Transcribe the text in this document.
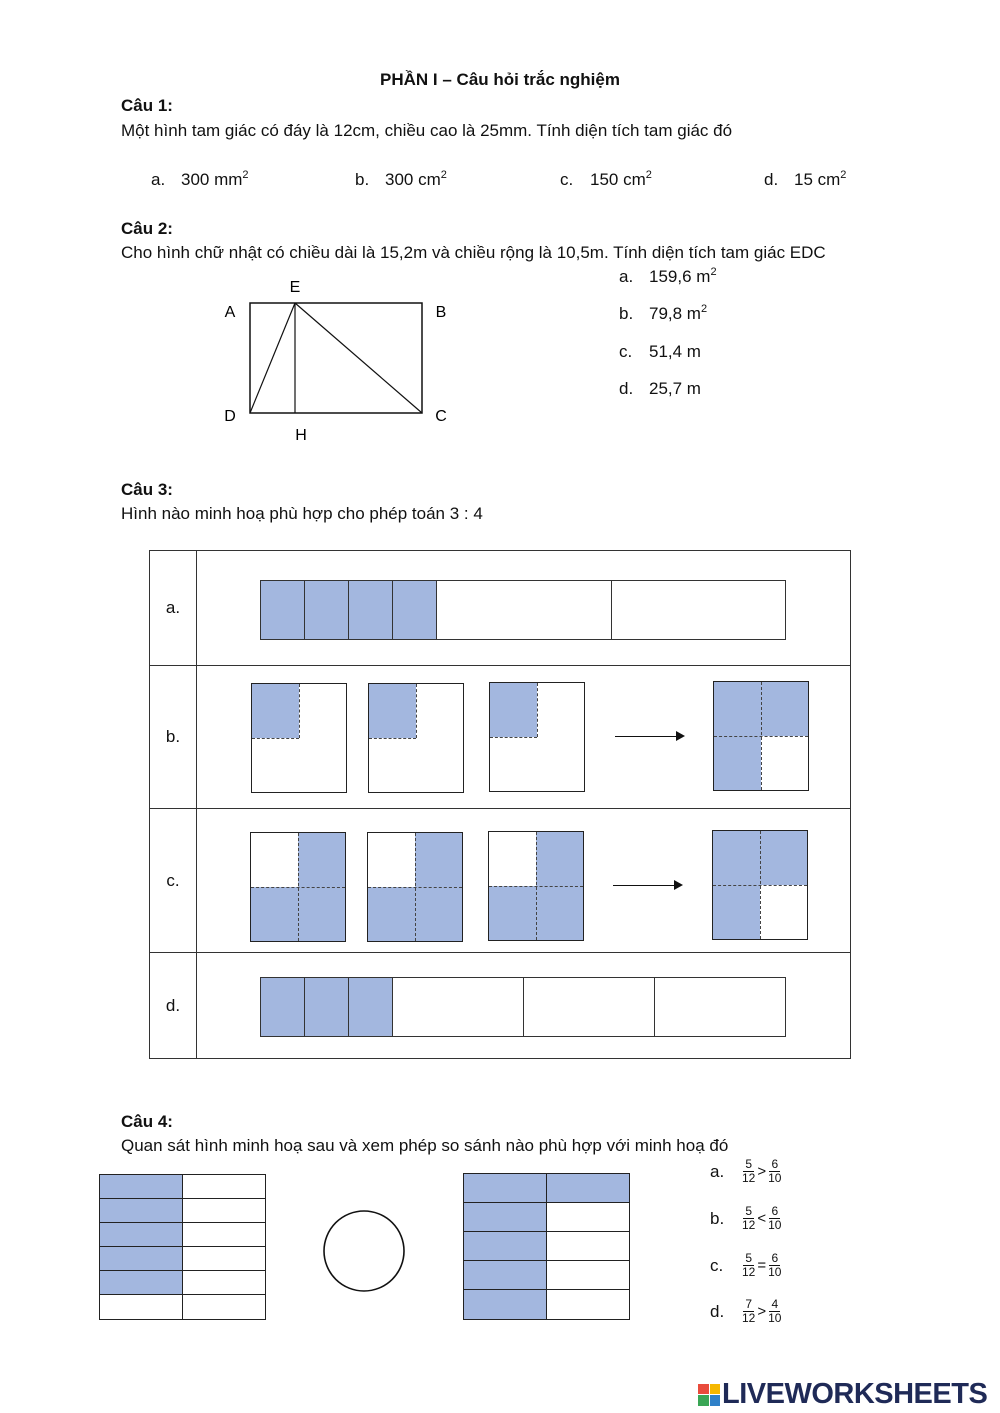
PHẦN I – Câu hỏi trắc nghiệm
Câu 1:
Một hình tam giác có đáy là 12cm, chiều cao là 25mm. Tính diện tích tam giác đó
a. 300 $mm^2$	b. 300 $cm^2$	c. 150 $cm^2$	d. 15 $cm^2$
Câu 2:
Cho hình chữ nhật có chiều dài là 15,2m và chiều rộng là 10,5m. Tính diện tích tam giác EDC
E
A	B
D	C
H
a. 159,6 $m^2$
b. 79,8 $m^2$
c. 51,4 m
d. 25,7 m
Câu 3:
Hình nào minh hoạ phù hợp cho phép toán 3 : 4
a.	

b.	

c.	

d.	
Câu 4:
Quan sát hình minh hoạ sau và xem phép so sánh nào phù hợp với minh hoạ đó
a. $\frac{5}{12} > \frac{6}{10}$
b. $\frac{5}{12} < \frac{6}{10}$
c. $\frac{5}{12} = \frac{6}{10}$
d. $\frac{7}{12} > \frac{4}{10}$
LIVEWORKSHEETS
